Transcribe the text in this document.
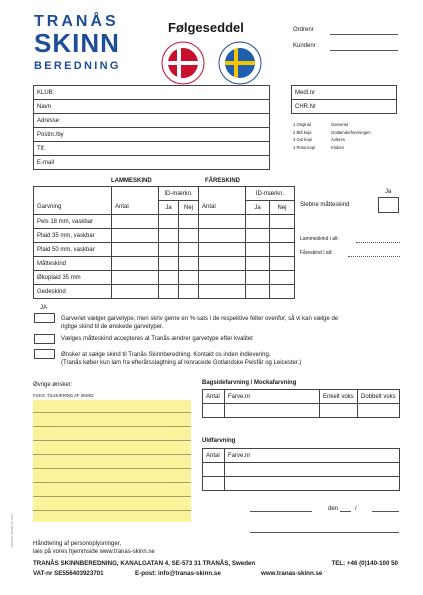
TRANÅS
SKINN
BEREDNING
Følgeseddel	Ordrenr
Kundenr
KLUB:
Navn
Adresse
Postnr./by
Tlf.
E-mail
Medl.nr
CHR.Nr
1 Original	Garveriet
2 Blå kopi	Gotlænderforeningen
3 Gul kopi	Avleren
4 Rosa kopi	Kluben
LAMMESKIND	FÅRESKIND
		ID-mærkn.			ID-mærkn.	
Garvning	Antal	Ja	Nej	Antal	Ja	Nej
Pels 18 mm, vaskbar						
Plaid 35 mm, vaskbar						
Plaid 50 mm, vaskbar						
Måtteskind						
Økoplaid 35 mm						
Gedeskind						
Ja
Slebne måtteskind
Lammeskind i alt:
Fåreskind i alt:
JA
Garveriet vælger garvetype, men skriv gerne en %-sats i de respektive felter ovenfor, så vi kan vælge de
rigtige skind til de ønskede garvetyper.
Vælges måtteskind accepteres at Tranås ændrer garvetype efter kvalitet
Ønsker at sælge skind til Tranås Skinnberedning. Kontakt os inden indlevering.
(Tranås køber kun lam fra efterårsslagtning af renracede Gotlandske Pelsfår og Leicester.)
Øvrige ønsker:
F.EKS. TILSKÆRING AF SKIND
Bagsidefarvning / Mockafarvning
Antal	Farve.nr	Enkelt voks	Dobbelt voks

Uldfarvning
Antal	Farve.nr

den	/
Håndtering af personoplysninger,
læs på vores hjemmside www.tranas-skinn.se
TRANÅS SKINN DK 2023
TRANÅS SKINNBEREDNING, KANALGATAN 4, SE-573 31 TRANÅS, Sweden	TEL: +46 (0)140-100 50
VAT-nr SE556403923701	E-post: info@tranas-skinn.se	www.tranas-skinn.se
